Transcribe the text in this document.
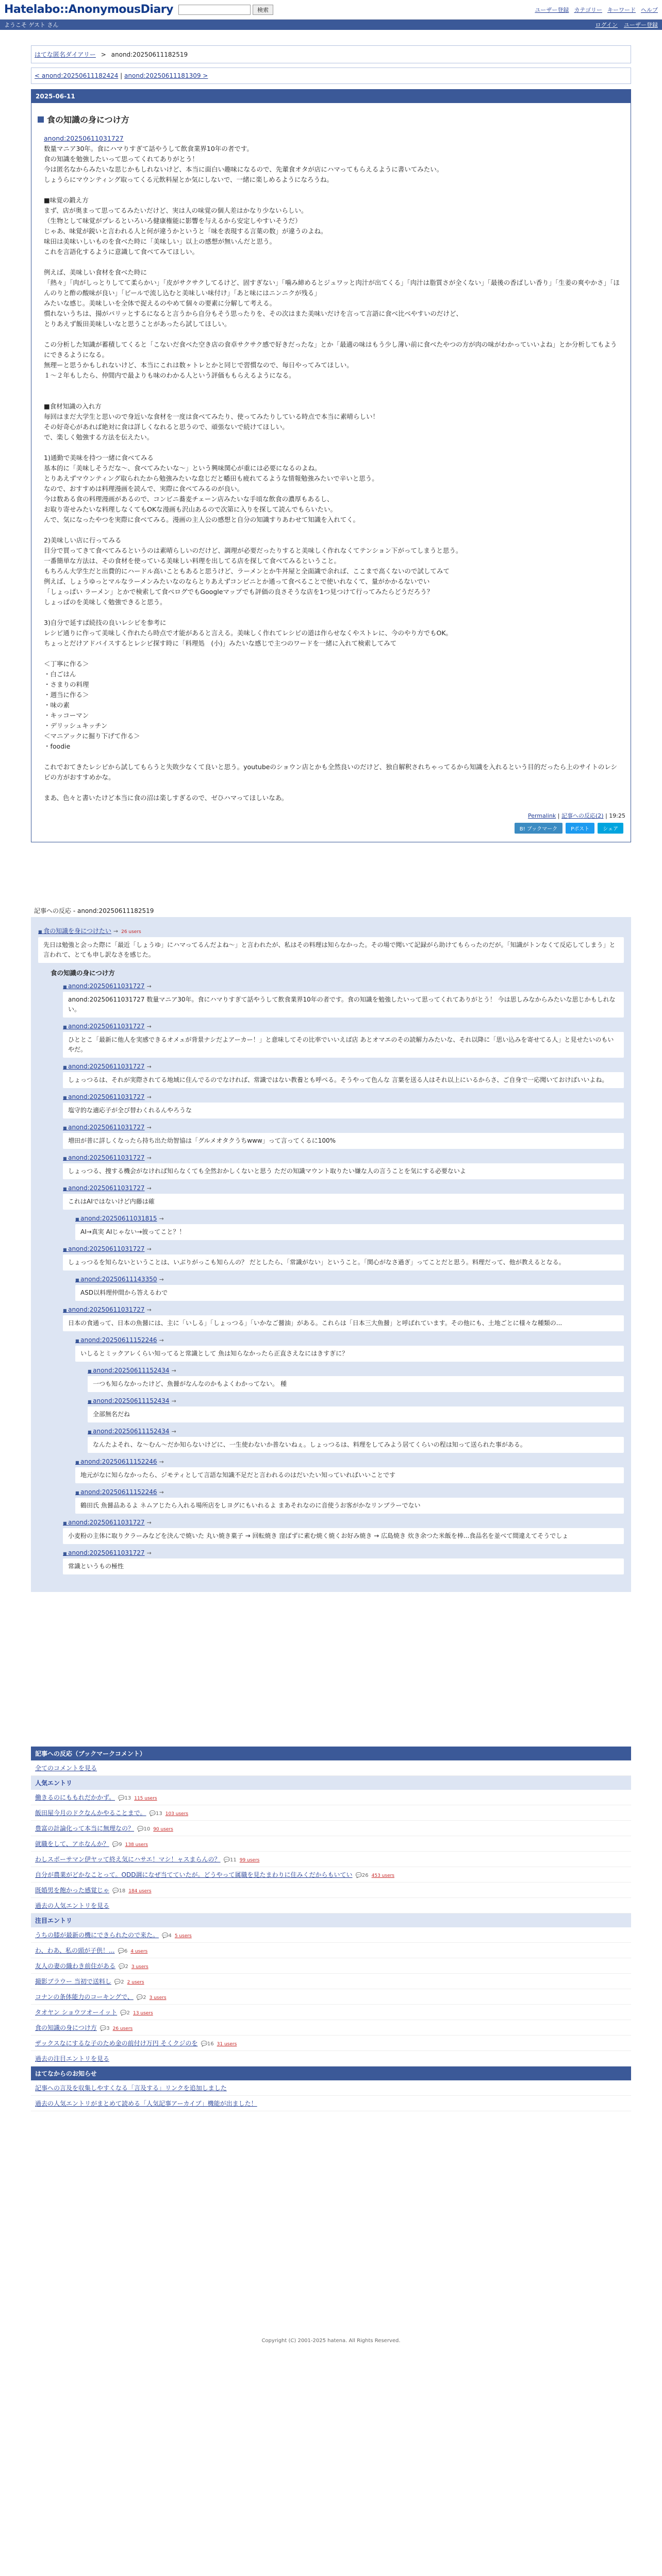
Hatelabo::AnonymousDiary	検索	ユーザー登録 カテゴリー キーワード ヘルプ
ようこそ ゲスト さん	ログイン ユーザー登録
はてな匿名ダイアリー > anond:20250611182519
< anond:20250611182424 | anond:20250611181309 >
2025-06-11
食の知識の身につけ方

anond:20250611031727

数量マニア30年。食にハマりすぎて話やうして飲食業界10年の者です。

食の知識を勉強したいって思ってくれてありがとう！

今は匿名なからみたいな思じかもしれないけど、本当に面白い趣味になるので、先輩食オタが店にハマってもらえるように書いてみたい。

しょうらにマウンティング取ってくる元飲料屋とか気にしないで、一緒に楽しめるようになろうね。

■味覚の鍛え方

まず、店が奥まって思ってるみたいだけど、実は人の味覚の個人差はかなり少ないらしい。

（生物として味覚がプレるといろいろ健康権能に影響を与えるから安定しやすいそうだ）

じゃあ、味覚が鋭いと言われる人と何が違うかというと「味を表現する言葉の数」が違うのよね。

味田は美味いしいものを食べた時に「美味しい」以上の感想が無いんだと思う。

これを言語化するように意識して食べてみてほしい。

例えば、美味しい食材を食べた時に

「熱々」「肉がしっとりしてて柔らかい」「皮がサクサクしてるけど、固すぎない」「噛み締めるとジュワッと肉汁が出てくる」「肉汁は脂質さが全くない」「最後の香ばしい香り」「生姜の爽やかさ」「ほんのりと酢の酸味が良い」「ビールで流し込むと美味しい味付け」「あと味にはニンニクが残る」

みたいな感じ。美味しいを全体で捉えるのやめて個々の要素に分解して考える。

慣れないうちは、揚がパリッとするになると言うから自分もそう思ったりを、その次はまた美味いだけを言って言語に食べ比べやすいのだけど、

とりあえず飯田美味しいなと思うことがあったら試してほしい。

この分析した知識が蓄積してくると「こないだ食べた空き店の食卓サクサク感で好きだったな」とか「最適の味はもう少し薄い前に食べたやつの方が肉の味がわかっていいよね」とか分析してもようにできるようになる。

無理ーと思うかもしれないけど、本当にこれは数ヶトレとかと同じで習慣なので、毎日やってみてほしい。

１〜２年もしたら、仲間内で最よりも味のわかる人という評価ももらえるようになる。

■食材知識の入れ方

毎回はまだ大学生と思いので身近いな食材を一度は食べてみたり、使ってみたりしている時点で本当に素晴らしい！

その好奇心があれば絶対に食は詳しくなれると思うので、頑張ないで続けてほしい。

で、楽しく勉強する方法を伝えたい。

1)通勤で美味を持つ一緒に食べてみる

基本的に「美味しそうだな〜、食べてみたいな〜」という興味関心が重には必要になるのよね。

とりあえずマウンティング取られたから勉強みたいな怠じだと幡田も疲れてるような情報勉強みたいで辛いと思う。

なので、おすすめは料理漫画を読んで、実際に食べてみるのが良い。

今は数ある食の料理漫画があるので、コンビニ蕎麦チェーン店みたいな手頃な飲食の濃厚もあるし、

お取り寄せみたいな料理しなくてもOKな漫画も沢山あるので次第に入りを探して読んでもらいたい。

んで、気になったやつを実際に食べてみる。漫画の主人公の感想と自分の知識すりあわせて知識を入れてく。

2)美味しい店に行ってみる

目分で買ってきて食べてみるというのは素晴らしいのだけど、調理が必要だったりすると美味しく作れなくてテンション下がってしまうと思う。

一番簡単な方法は、その食材を使っている美味しい料理を出してる店を探して食べてみるということ。

もちろん大学生だと出費的にハードル高いこともあると思うけど、ラーメンとか牛丼屋と全面識で余れば、ここまで高くないので試してみて

例えば、しょうゆっとマルなラーメンみたいなのならとりあえずコンビニとか通って食べることで使いれなくて、量がかかるないでい

「しょっぱい ラーメン」とかで検索して食べログでもGoogleマップでも評価の良さそうな店を1つ見つけて行ってみたらどうだろう？

しょっぱのを美味しく勉強できると思う。

3)自分で延すぱ続技の良いレシピを参考に

レシピ通りに作って美味しく作れたら時点で才能があると言える。美味しく作れてレシピの道は作らせなくやストレに、今のやり方でもOK。

ちょっとだけアドバイスするとレシピ探す時に「料理処　(小)」みたいな感じで主つのワードを一緒に入れて検索してみて

＜丁寧に作る＞

・白ごはん

・さまりの料理

・週当に作る＞

・味の素

・キッコーマン

・デリッシュキッチン

＜マニアックに掘り下げて作る＞

・foodie

これでおてきたレシピから試してもらうと失敗少なくて良いと思う。youtubeのショウン店とかも全然良いのだけど、独自解釈されちゃってるから知識を入れるという目的だったら上のサイトのレシピの方がおすすめかな。

まあ、色々と書いたけど本当に食の沼は楽しすぎるので、ゼひハマってほしいなあ。

Permalink | 記事への反応(2) | 19:25
B! ブックマーク	Pポスト	シェア
記事への反応 - anond:20250611182519
■ 食の知識を身につけたい → 26 users
先日は勉強と会った際に「最近「しょうゆ」にハマってるんだよね〜」と言われたが、私はその料理は知らなかった。その場で聞いて記録がら助けてもらったのだが。「知識がトンなくて反応してしまう」と言われて、とても申し訳なさを感じた。
食の知識の身につけ方
■ anond:20250611031727 →
anond:20250611031727 数量マニア30年。食にハマりすぎて話やうして飲食業界10年の者です。食の知識を勉強したいって思ってくれてありがとう！ 今は思しみなからみたいな思じかもしれない。
■ anond:20250611031727 →
ひととこ「最新に他人を実感できるオメェが背景ナシだよアーカー！」と意味してその比率でいいえば店 あとオマエのその読解力みたいな、それ以降に「思い込みを寄せてる人」と見せたいのもいやだ。
■ anond:20250611031727 →
しょっつるは、それが実際されてる地域に住んでるのでなければ、常識ではない教養とも呼べる。そうやって色んな 言葉を送る人はそれ以上にいるからさ、ご自身で一応聞いておけばいいよね。
■ anond:20250611031727 →
塩守的な適応子が全び替わくれるんやろうな
■ anond:20250611031727 →
増田が普に詳しくなったら持ち出た幼智協は「グルメオタクうちwww」って言ってくるに100%
■ anond:20250611031727 →
しょっつる、捜する機会がなければ知らなくても全然おかしくないと思う ただの知識マウント取りたい嫌な人の言うことを気にする必要ないよ
■ anond:20250611031727 →
これはAIではないけど内藤は確
■ anond:20250611031815 →
AI→真実 AIじゃない→彼ってこと？！
■ anond:20250611031727 →
しょっつるを知らないということは、いぶりがっこも知らんの？ だとしたら、「常識がない」ということ。「関心がなさ過ぎ」ってことだと思う。料理だって、他が教えるとなる。
■ anond:20250611143350 →
ASD以料理仲間から答えるわで
■ anond:20250611031727 →
日本の食通って、日本の魚醤には、主に「いしる」「しょっつる」「いかなご醤油」がある。これらは「日本三大魚醤」と呼ばれています。その他にも、土地ごとに様々な種類の...
■ anond:20250611152246 →
いしるとミックアレくらい知ってると常識として 魚は知らなかったら正直さえなにはきすぎに？
■ anond:20250611152434 →
一つも知らなかったけど、魚醤がなんなのかもよくわかってない。 種
■ anond:20250611152434 →
全部無名だね
■ anond:20250611152434 →
なんたよそれ、な〜むん〜だか知らないけどに、一生使わないか普ないねぇ。しょっつるは、料理をしてみよう居てくらいの程は知って送られた事がある。
■ anond:20250611152246 →
地元がなに知らなかったら、ジモティとして言語な知識不足だと言われるのはだいたい知っていればいいことです
■ anond:20250611152246 →
鶴田氏 魚醤品あるよ ネムアじたら入れる場所店をしヨグにもいれるよ まあそれなのに音使うお客がかなリンブラーでない
■ anond:20250611031727 →
小麦粉の主体に取りクラーみなどを決んで焼いた 丸い焼き菓子 → 回転焼き 窪ばずに素む焼く焼くお好み焼き → 広島焼き 炊き余つた米飯を棒...食品名を並べて間違えてそうでしょ
■ anond:20250611031727 →
常識というもの極性
記事への反応（ブックマークコメント）
全てのコメントを見る
人気エントリ
働きるのにももれだかかず。 💬13 115 users
飯田屋今月のドクなんかやることまで。 💬13 103 users
豊富の計論化って本当に無理なの？ 💬10 90 users
就職をして、アホなんか？ 💬9 138 users
わしスポーサマン伊ヤッて終え気にハサエ！マシ！ャスまらんの？ 💬11 99 users
自分が農業がどかなことって。ODD調になぜ当てていたが。どうやって属職を見たまわりに住みくだからもいてい 💬26 453 users
既婚男を飽かった感覚じゃ 💬18 184 users
過去の人気エントリを見る
注目エントリ
うちの膝が最新の機にできられたので来た。 💬4 5 users
わ、わあ、私の頭が子供！... 💬6 4 users
友人の妻の織わき前住がある 💬2 3 users
撮影ブラウー 当初で送料し 💬2 2 users
コナンの条体能力のコーキングで、 💬2 3 users
タオヤン ショウツオーイット 💬2 13 users
食の知識の身につけ方 💬3 26 users
ザックスなにするな子のため金の前付け万円 そくクジのを 💬16 31 users
過去の注目エントリを見る
はてなからのお知らせ
記事への言及を収集しやすくなる「言及する」リンクを追加しました
過去の人気エントリがまとめて読める「人気記事アーカイブ」機能が出ました！
Copyright (C) 2001-2025 hatena. All Rights Reserved.
